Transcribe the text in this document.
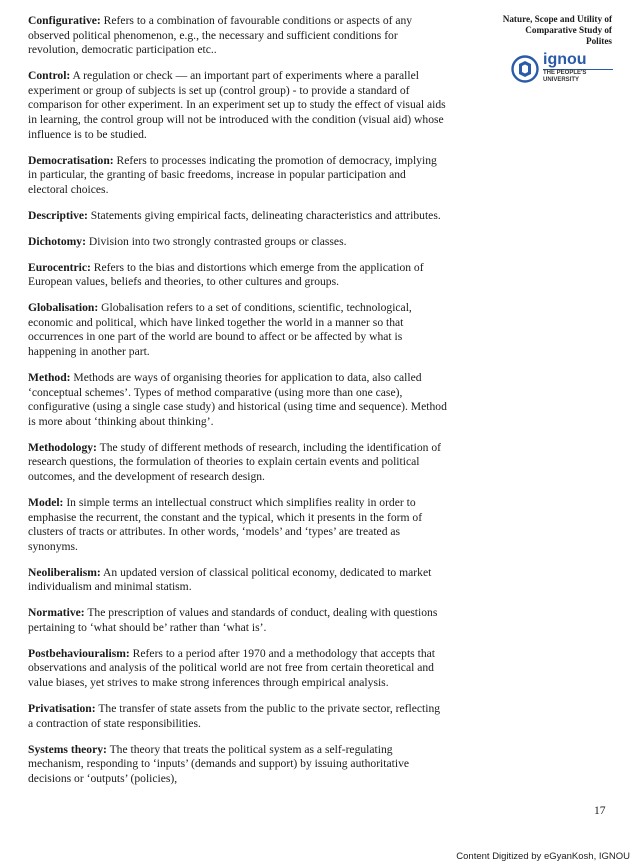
Nature, Scope and Utility of
Comparative Study of
Polites
ignou
THE PEOPLE'S
UNIVERSITY

Configurative: Refers to a combination of favourable conditions or aspects of any observed political phenomenon, e.g., the necessary and sufficient conditions for revolution, democratic participation etc..

Control: A regulation or check — an important part of experiments where a parallel experiment or group of subjects is set up (control group) - to provide a standard of comparison for other experiment. In an experiment set up to study the effect of visual aids in learning, the control group will not be introduced with the condition (visual aid) whose influence is to be studied.

Democratisation: Refers to processes indicating the promotion of democracy, implying in particular, the granting of basic freedoms, increase in popular participation and electoral choices.

Descriptive: Statements giving empirical facts, delineating characteristics and attributes.

Dichotomy: Division into two strongly contrasted groups or classes.

Eurocentric: Refers to the bias and distortions which emerge from the application of European values, beliefs and theories, to other cultures and groups.

Globalisation: Globalisation refers to a set of conditions, scientific, technological, economic and political, which have linked together the world in a manner so that occurrences in one part of the world are bound to affect or be affected by what is happening in another part.

Method: Methods are ways of organising theories for application to data, also called ‘conceptual schemes’. Types of method comparative (using more than one case), configurative (using a single case study) and historical (using time and sequence). Method is more about ‘thinking about thinking’.

Methodology: The study of different methods of research, including the identification of research questions, the formulation of theories to explain certain events and political outcomes, and the development of research design.

Model: In simple terms an intellectual construct which simplifies reality in order to emphasise the recurrent, the constant and the typical, which it presents in the form of clusters of tracts or attributes. In other words, ‘models’ and ‘types’ are treated as synonyms.

Neoliberalism: An updated version of classical political economy, dedicated to market individualism and minimal statism.

Normative: The prescription of values and standards of conduct, dealing with questions pertaining to ‘what should be’ rather than ‘what is’.

Postbehaviouralism: Refers to a period after 1970 and a methodology that accepts that observations and analysis of the political world are not free from certain theoretical and value biases, yet strives to make strong inferences through empirical analysis.

Privatisation: The transfer of state assets from the public to the private sector, reflecting a contraction of state responsibilities.

Systems theory: The theory that treats the political system as a self-regulating mechanism, responding to ‘inputs’ (demands and support) by issuing authoritative decisions or ‘outputs’ (policies),

17
Content Digitized by eGyanKosh, IGNOU
